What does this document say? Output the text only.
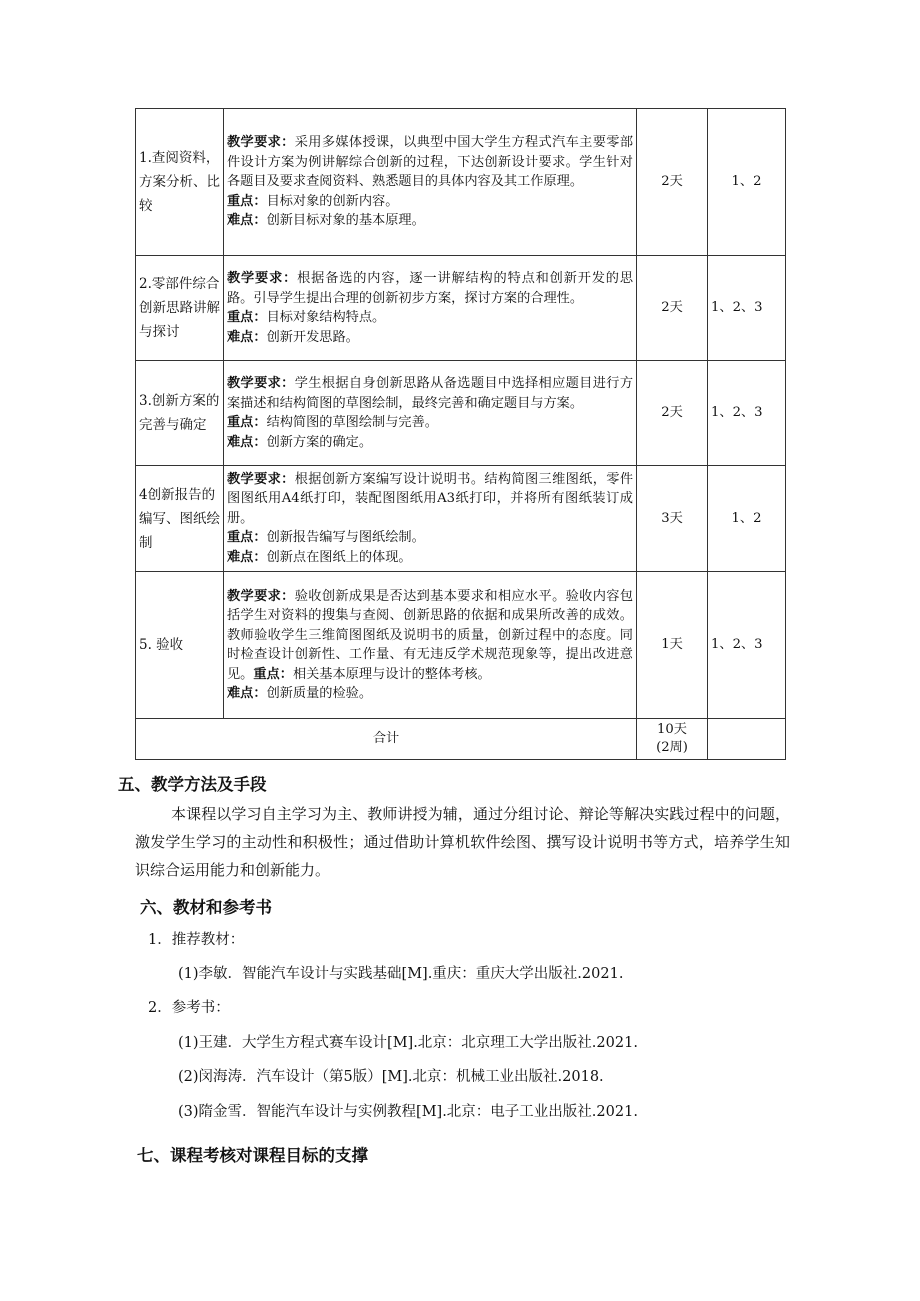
1.查阅资料，方案分析、比较	教学要求：采用多媒体授课，以典型中国大学生方程式汽车主要零部件设计方案为例讲解综合创新的过程，下达创新设计要求。学生针对各题目及要求查阅资料、熟悉题目的具体内容及其工作原理。
重点：目标对象的创新内容。
难点：创新目标对象的基本原理。	2天	1、2
2.零部件综合创新思路讲解与探讨	教学要求：根据备选的内容，逐一讲解结构的特点和创新开发的思路。引导学生提出合理的创新初步方案，探讨方案的合理性。
重点：目标对象结构特点。
难点：创新开发思路。	2天	1、2、3
3.创新方案的完善与确定	教学要求：学生根据自身创新思路从备选题目中选择相应题目进行方案描述和结构简图的草图绘制，最终完善和确定题目与方案。
重点：结构简图的草图绘制与完善。
难点：创新方案的确定。	2天	1、2、3
4创新报告的编写、图纸绘制	教学要求：根据创新方案编写设计说明书。结构简图三维图纸，零件图图纸用A4纸打印，装配图图纸用A3纸打印，并将所有图纸装订成册。
重点：创新报告编写与图纸绘制。
难点：创新点在图纸上的体现。	3天	1、2
5. 验收	教学要求：验收创新成果是否达到基本要求和相应水平。验收内容包括学生对资料的搜集与查阅、创新思路的依据和成果所改善的成效。教师验收学生三维简图图纸及说明书的质量，创新过程中的态度。同时检查设计创新性、工作量、有无违反学术规范现象等，提出改进意见。重点：相关基本原理与设计的整体考核。
难点：创新质量的检验。	1天	1、2、3
合计		10天
(2周)	

五、教学方法及手段
本课程以学习自主学习为主、教师讲授为辅，通过分组讨论、辩论等解决实践过程中的问题，激发学生学习的主动性和积极性；通过借助计算机软件绘图、撰写设计说明书等方式，培养学生知识综合运用能力和创新能力。
六、教材和参考书
1．推荐教材：
(1)李敏．智能汽车设计与实践基础[M].重庆：重庆大学出版社.2021.
2．参考书：
(1)王建．大学生方程式赛车设计[M].北京：北京理工大学出版社.2021.
(2)闵海涛．汽车设计（第5版）[M].北京：机械工业出版社.2018.
(3)隋金雪．智能汽车设计与实例教程[M].北京：电子工业出版社.2021.
七、课程考核对课程目标的支撑
